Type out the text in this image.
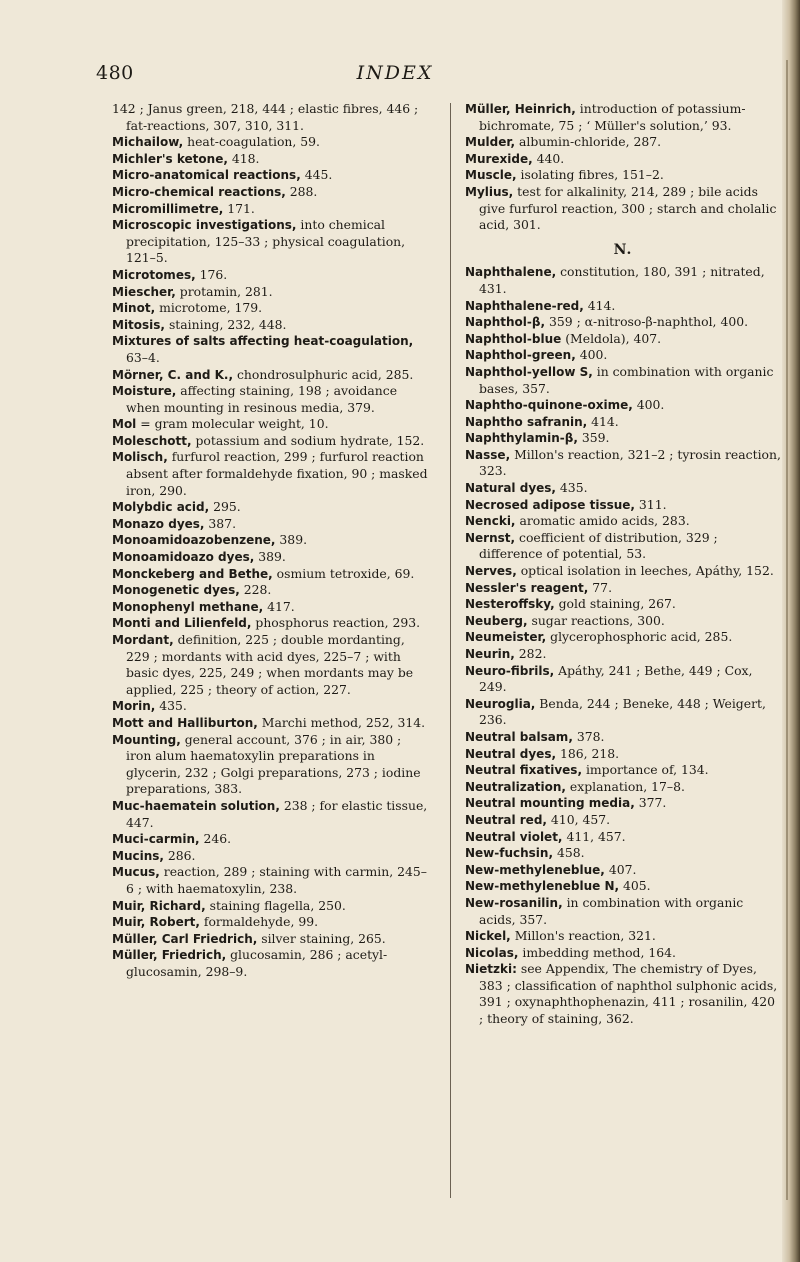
480	INDEX

142 ; Janus green, 218, 444 ; elastic fibres, 446 ; fat-reactions, 307, 310, 311.

Michailow, heat-coagulation, 59.

Michler's ketone, 418.

Micro-anatomical reactions, 445.

Micro-chemical reactions, 288.

Micromillimetre, 171.

Microscopic investigations, into chemical precipitation, 125–33 ; physical coagulation, 121–5.

Microtomes, 176.

Miescher, protamin, 281.

Minot, microtome, 179.

Mitosis, staining, 232, 448.

Mixtures of salts affecting heat-coagulation, 63–4.

Mörner, C. and K., chondrosulphuric acid, 285.

Moisture, affecting staining, 198 ; avoidance when mounting in resinous media, 379.

Mol = gram molecular weight, 10.

Moleschott, potassium and sodium hydrate, 152.

Molisch, furfurol reaction, 299 ; furfurol reaction absent after formaldehyde fixation, 90 ; masked iron, 290.

Molybdic acid, 295.

Monazo dyes, 387.

Monoamidoazobenzene, 389.

Monoamidoazo dyes, 389.

Monckeberg and Bethe, osmium tetroxide, 69.

Monogenetic dyes, 228.

Monophenyl methane, 417.

Monti and Lilienfeld, phosphorus reaction, 293.

Mordant, definition, 225 ; double mordanting, 229 ; mordants with acid dyes, 225–7 ; with basic dyes, 225, 249 ; when mordants may be applied, 225 ; theory of action, 227.

Morin, 435.

Mott and Halliburton, Marchi method, 252, 314.

Mounting, general account, 376 ; in air, 380 ; iron alum haematoxylin preparations in glycerin, 232 ; Golgi preparations, 273 ; iodine preparations, 383.

Muc-haematein solution, 238 ; for elastic tissue, 447.

Muci-carmin, 246.

Mucins, 286.

Mucus, reaction, 289 ; staining with carmin, 245–6 ; with haematoxylin, 238.

Muir, Richard, staining flagella, 250.

Muir, Robert, formaldehyde, 99.

Müller, Carl Friedrich, silver staining, 265.

Müller, Friedrich, glucosamin, 286 ; acetyl-glucosamin, 298–9.

Müller, Heinrich, introduction of potassium-bichromate, 75 ; ‘ Müller's solution,’ 93.

Mulder, albumin-chloride, 287.

Murexide, 440.

Muscle, isolating fibres, 151–2.

Mylius, test for alkalinity, 214, 289 ; bile acids give furfurol reaction, 300 ; starch and cholalic acid, 301.

N.

Naphthalene, constitution, 180, 391 ; nitrated, 431.

Naphthalene-red, 414.

Naphthol-β, 359 ; α-nitroso-β-naphthol, 400.

Naphthol-blue (Meldola), 407.

Naphthol-green, 400.

Naphthol-yellow S, in combination with organic bases, 357.

Naphtho-quinone-oxime, 400.

Naphtho safranin, 414.

Naphthylamin-β, 359.

Nasse, Millon's reaction, 321–2 ; tyrosin reaction, 323.

Natural dyes, 435.

Necrosed adipose tissue, 311.

Nencki, aromatic amido acids, 283.

Nernst, coefficient of distribution, 329 ; difference of potential, 53.

Nerves, optical isolation in leeches, Apáthy, 152.

Nessler's reagent, 77.

Nesteroffsky, gold staining, 267.

Neuberg, sugar reactions, 300.

Neumeister, glycerophosphoric acid, 285.

Neurin, 282.

Neuro-fibrils, Apáthy, 241 ; Bethe, 449 ; Cox, 249.

Neuroglia, Benda, 244 ; Beneke, 448 ; Weigert, 236.

Neutral balsam, 378.

Neutral dyes, 186, 218.

Neutral fixatives, importance of, 134.

Neutralization, explanation, 17–8.

Neutral mounting media, 377.

Neutral red, 410, 457.

Neutral violet, 411, 457.

New-fuchsin, 458.

New-methyleneblue, 407.

New-methyleneblue N, 405.

New-rosanilin, in combination with organic acids, 357.

Nickel, Millon's reaction, 321.

Nicolas, imbedding method, 164.

Nietzki: see Appendix, The chemistry of Dyes, 383 ; classification of naphthol sulphonic acids, 391 ; oxynaphthophenazin, 411 ; rosanilin, 420 ; theory of staining, 362.
